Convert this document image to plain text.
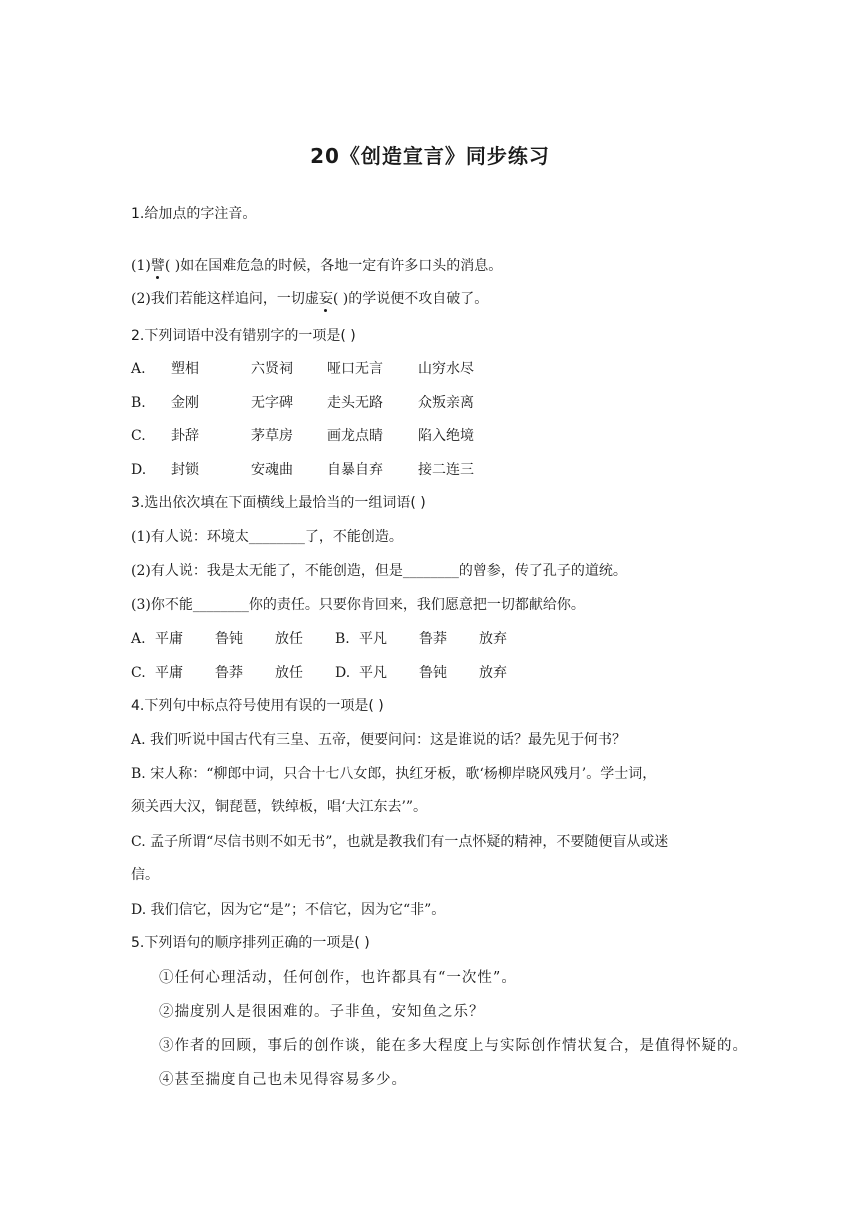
20《创造宣言》同步练习
1.给加点的字注音。
(1)譬( )如在国难危急的时候，各地一定有许多口头的消息。
(2)我们若能这样追问，一切虚妄( )的学说便不攻自破了。
2.下列词语中没有错别字的一项是( )
A. 塑相	六贤祠 哑口无言	山穷水尽
B. 金刚	无字碑 走头无路	众叛亲离
C. 卦辞	茅草房 画龙点睛	陷入绝境
D. 封锁	安魂曲 自暴自弃	接二连三
3.选出依次填在下面横线上最恰当的一组词语( )
(1)有人说：环境太________了，不能创造。
(2)有人说：我是太无能了，不能创造，但是________的曾参，传了孔子的道统。
(3)你不能________你的责任。只要你肯回来，我们愿意把一切都献给你。
A. 平庸 鲁钝 放任 B. 平凡 鲁莽 放弃
C. 平庸 鲁莽 放任 D. 平凡 鲁钝 放弃
4.下列句中标点符号使用有误的一项是( )
A. 我们听说中国古代有三皇、五帝，便要问问：这是谁说的话？最先见于何书？
B. 宋人称：“柳郎中词，只合十七八女郎，执红牙板，歌‘杨柳岸晓风残月’。学士词，
须关西大汉，铜琵琶，铁绰板，唱‘大江东去’”。
C. 孟子所谓“尽信书则不如无书”，也就是教我们有一点怀疑的精神，不要随便盲从或迷
信。
D. 我们信它，因为它“是”；不信它，因为它“非”。
5.下列语句的顺序排列正确的一项是( )
①任何心理活动，任何创作，也许都具有“一次性”。
②揣度别人是很困难的。子非鱼，安知鱼之乐？
③作者的回顾，事后的创作谈，能在多大程度上与实际创作情状复合，是值得怀疑的。
④甚至揣度自己也未见得容易多少。
